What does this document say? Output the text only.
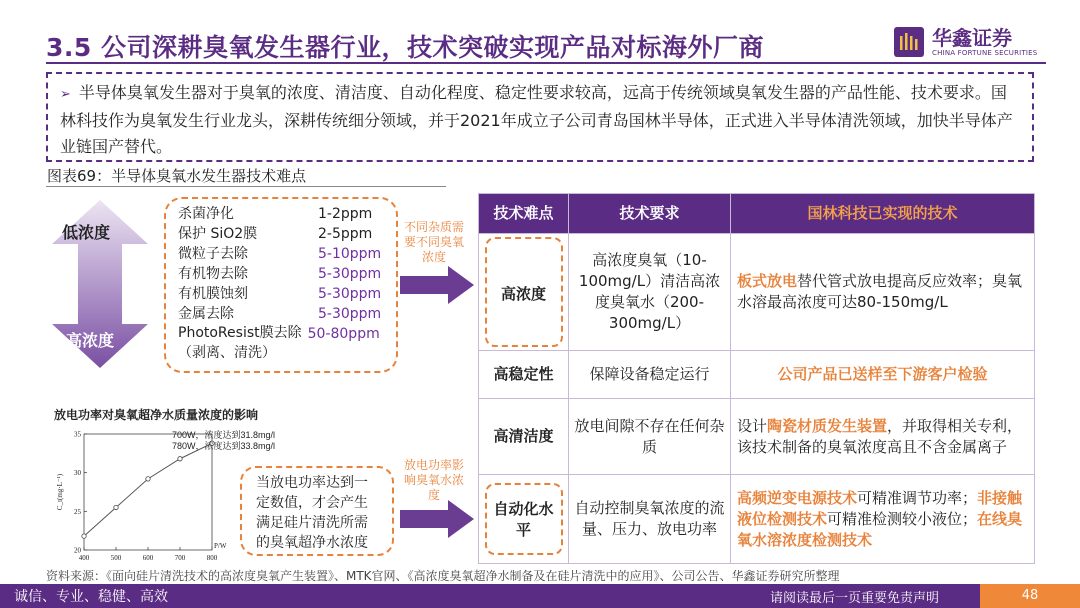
3.5 公司深耕臭氧发生器行业，技术突破实现产品对标海外厂商	华鑫证券
CHINA FORTUNE SECURITIES
➢ 半导体臭氧发生器对于臭氧的浓度、清洁度、自动化程度、稳定性要求较高，远高于传统领域臭氧发生器的产品性能、技术要求。国林科技作为臭氧发生行业龙头，深耕传统细分领域，并于2021年成立子公司青岛国林半导体，正式进入半导体清洗领域，加快半导体产业链国产替代。
图表69：半导体臭氧水发生器技术难点
低浓度
高浓度
杀菌净化	1-2ppm
保护 SiO2膜	2-5ppm
微粒子去除	5-10ppm
有机物去除	5-30ppm
有机膜蚀刻	5-30ppm
金属去除	5-30ppm
PhotoResist膜去除 50-80ppm
（剥离、清洗）
不同杂质需要不同臭氧浓度
放电功率对臭氧超净水质量浓度的影响
400	500	600	700	800
20
25
30
35
P/W
C_t(mg·L⁻¹)
700W，浓度达到31.8mg/l
780W，浓度达到33.8mg/l
当放电功率达到一
定数值，才会产生
满足硅片清洗所需
的臭氧超净水浓度
放电功率影响臭氧水浓度
技术难点	技术要求	国林科技已实现的技术
高浓度	高浓度臭氧（10-100mg/L）清洁高浓度臭氧水（200-300mg/L）	板式放电替代管式放电提高反应效率；臭氧水溶最高浓度可达80-150mg/L
高稳定性	保障设备稳定运行	公司产品已送样至下游客户检验
高清洁度	放电间隙不存在任何杂质	设计陶瓷材质发生装置，并取得相关专利，该技术制备的臭氧浓度高且不含金属离子
自动化水平	自动控制臭氧浓度的流量、压力、放电功率	高频逆变电源技术可精准调节功率；非接触液位检测技术可精准检测较小液位；在线臭氧水溶浓度检测技术
资料来源：《面向硅片清洗技术的高浓度臭氧产生装置》、MTK官网、《高浓度臭氧超净水制备及在硅片清洗中的应用》、公司公告、华鑫证券研究所整理
诚信、专业、稳健、高效	请阅读最后一页重要免责声明	48
